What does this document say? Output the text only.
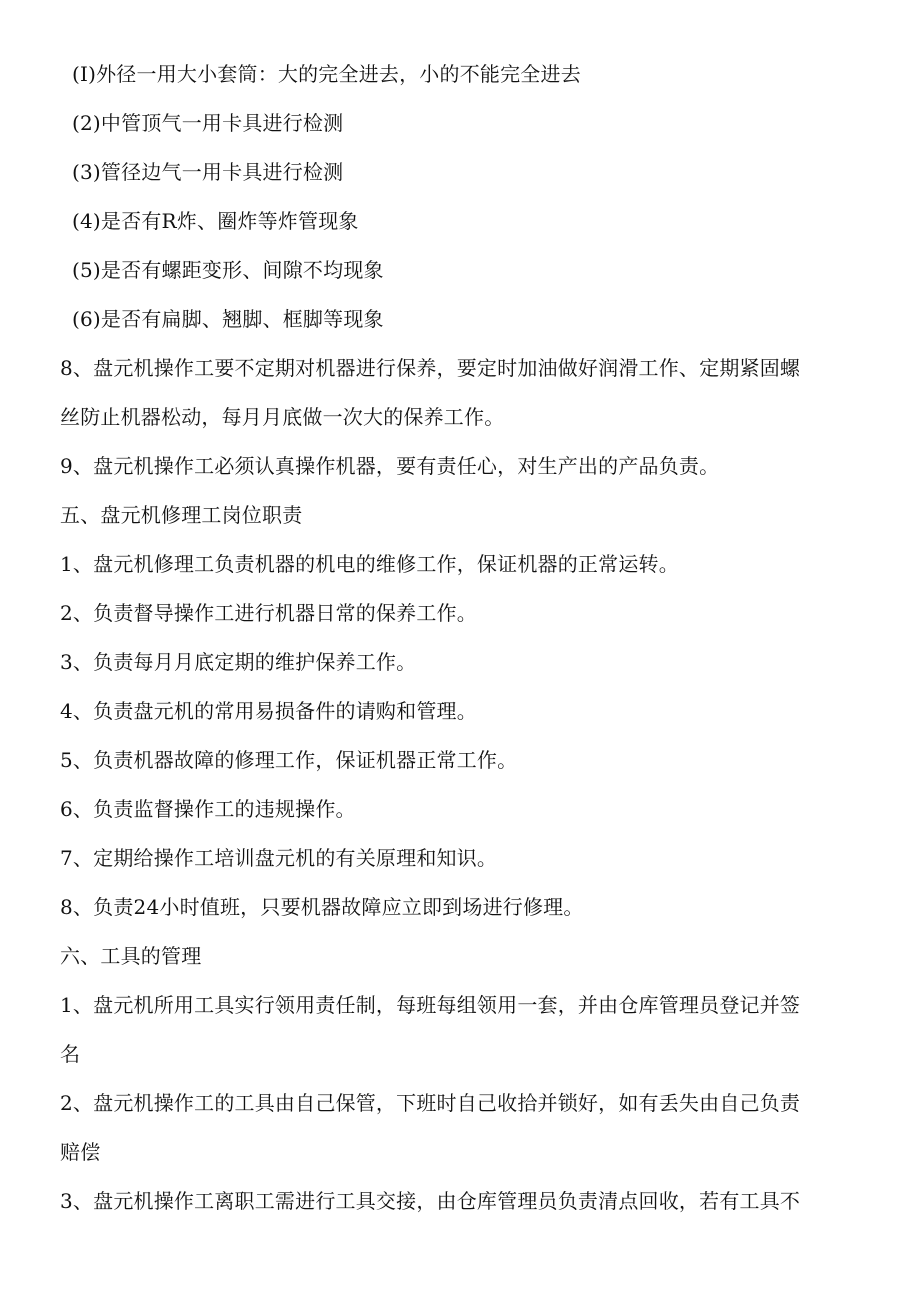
(I)外径一用大小套筒：大的完全进去，小的不能完全进去
(2)中管顶气一用卡具进行检测
(3)管径边气一用卡具进行检测
(4)是否有R炸、圈炸等炸管现象
(5)是否有螺距变形、间隙不均现象
(6)是否有扁脚、翘脚、框脚等现象
8、盘元机操作工要不定期对机器进行保养，要定时加油做好润滑工作、定期紧固螺
丝防止机器松动，每月月底做一次大的保养工作。
9、盘元机操作工必须认真操作机器，要有责任心，对生产出的产品负责。
五、盘元机修理工岗位职责
1、盘元机修理工负责机器的机电的维修工作，保证机器的正常运转。
2、负责督导操作工进行机器日常的保养工作。
3、负责每月月底定期的维护保养工作。
4、负责盘元机的常用易损备件的请购和管理。
5、负责机器故障的修理工作，保证机器正常工作。
6、负责监督操作工的违规操作。
7、定期给操作工培训盘元机的有关原理和知识。
8、负责24小时值班，只要机器故障应立即到场进行修理。
六、工具的管理
1、盘元机所用工具实行领用责任制，每班每组领用一套，并由仓库管理员登记并签
名
2、盘元机操作工的工具由自己保管，下班时自己收拾并锁好，如有丢失由自己负责
赔偿
3、盘元机操作工离职工需进行工具交接，由仓库管理员负责清点回收，若有工具不
